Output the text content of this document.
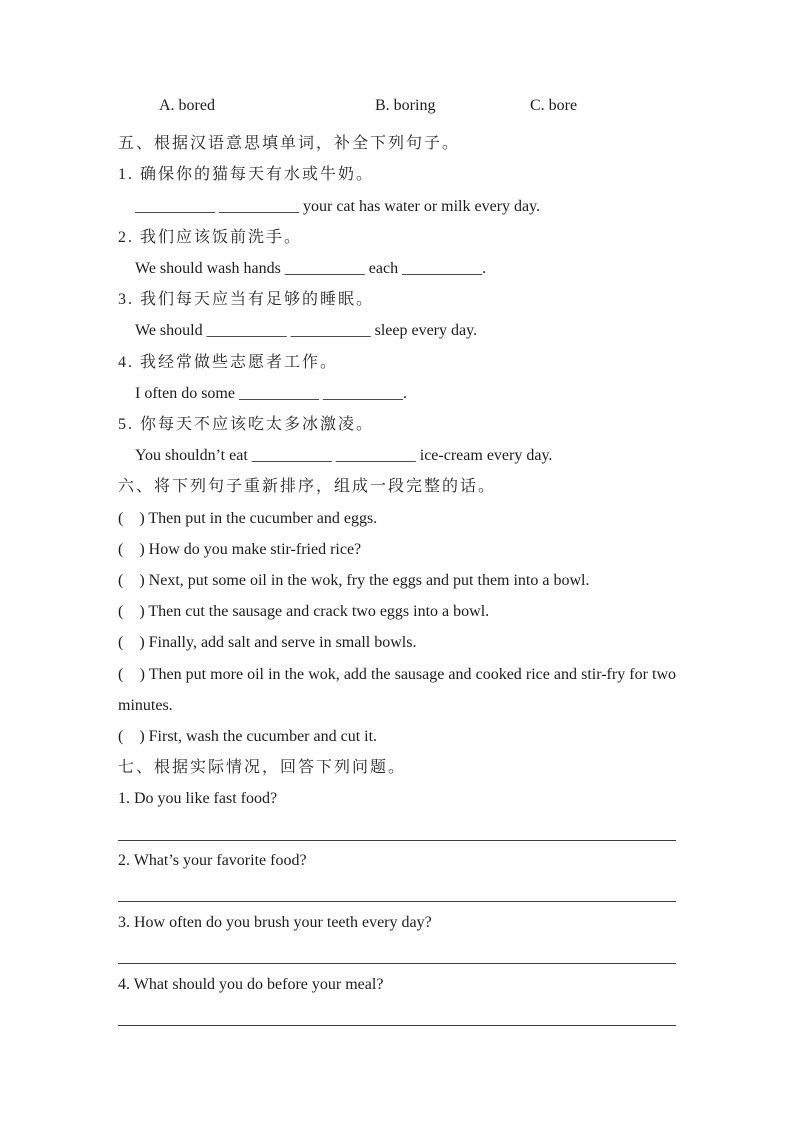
A. bored	B. boring	C. bore

五、根据汉语意思填单词，补全下列句子。

1. 确保你的猫每天有水或牛奶。

__________ __________ your cat has water or milk every day.

2. 我们应该饭前洗手。

We should wash hands __________ each __________.

3. 我们每天应当有足够的睡眠。

We should __________ __________ sleep every day.

4. 我经常做些志愿者工作。

I often do some __________ __________.

5. 你每天不应该吃太多冰激凌。

You shouldn’t eat __________ __________ ice-cream every day.

六、将下列句子重新排序，组成一段完整的话。

(    ) Then put in the cucumber and eggs.

(    ) How do you make stir-fried rice?

(    ) Next, put some oil in the wok, fry the eggs and put them into a bowl.

(    ) Then cut the sausage and crack two eggs into a bowl.

(    ) Finally, add salt and serve in small bowls.

(    ) Then put more oil in the wok, add the sausage and cooked rice and stir-fry for two minutes.

(    ) First, wash the cucumber and cut it.

七、根据实际情况，回答下列问题。

1. Do you like fast food?

2. What’s your favorite food?

3. How often do you brush your teeth every day?

4. What should you do before your meal?
